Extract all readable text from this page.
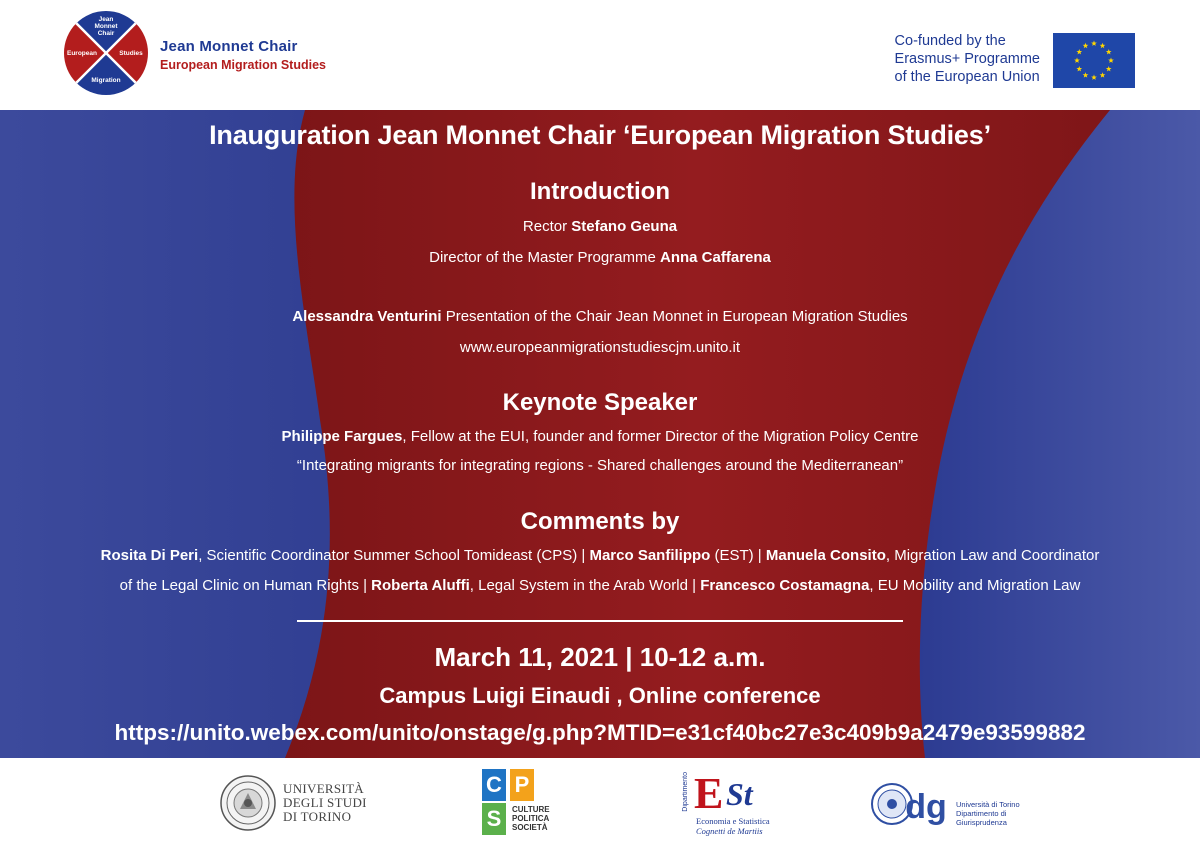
Jean Monnet Chair
European	Studies
Migration
Jean Monnet Chair
European Migration Studies
Co-funded by the
Erasmus+ Programme
of the European Union
Inauguration Jean Monnet Chair ‘European Migration Studies’
Introduction
Rector Stefano Geuna
Director of the Master Programme Anna Caffarena
Alessandra Venturini Presentation of the Chair Jean Monnet in European Migration Studies
www.europeanmigrationstudiescjm.unito.it
Keynote Speaker
Philippe Fargues, Fellow at the EUI, founder and former Director of the Migration Policy Centre
“Integrating migrants for integrating regions - Shared challenges around the Mediterranean”
Comments by
Rosita Di Peri, Scientific Coordinator Summer School Tomideast (CPS) | Marco Sanfilippo (EST) | Manuela Consito, Migration Law and Coordinator
of the Legal Clinic on Human Rights | Roberta Aluffi, Legal System in the Arab World | Francesco Costamagna, EU Mobility and Migration Law
March 11, 2021 | 10-12 a.m.
Campus Luigi Einaudi , Online conference
https://unito.webex.com/unito/onstage/g.php?MTID=e31cf40bc27e3c409b9a2479e93599882
UNIVERSITÀ
DEGLI STUDI
DI TORINO
C P
S	CULTURE
POLITICA
SOCIETÀ
Dipartimento E St
Economia e Statistica
Cognetti de Martiis
dg Università di Torino
Dipartimento di Giurisprudenza
